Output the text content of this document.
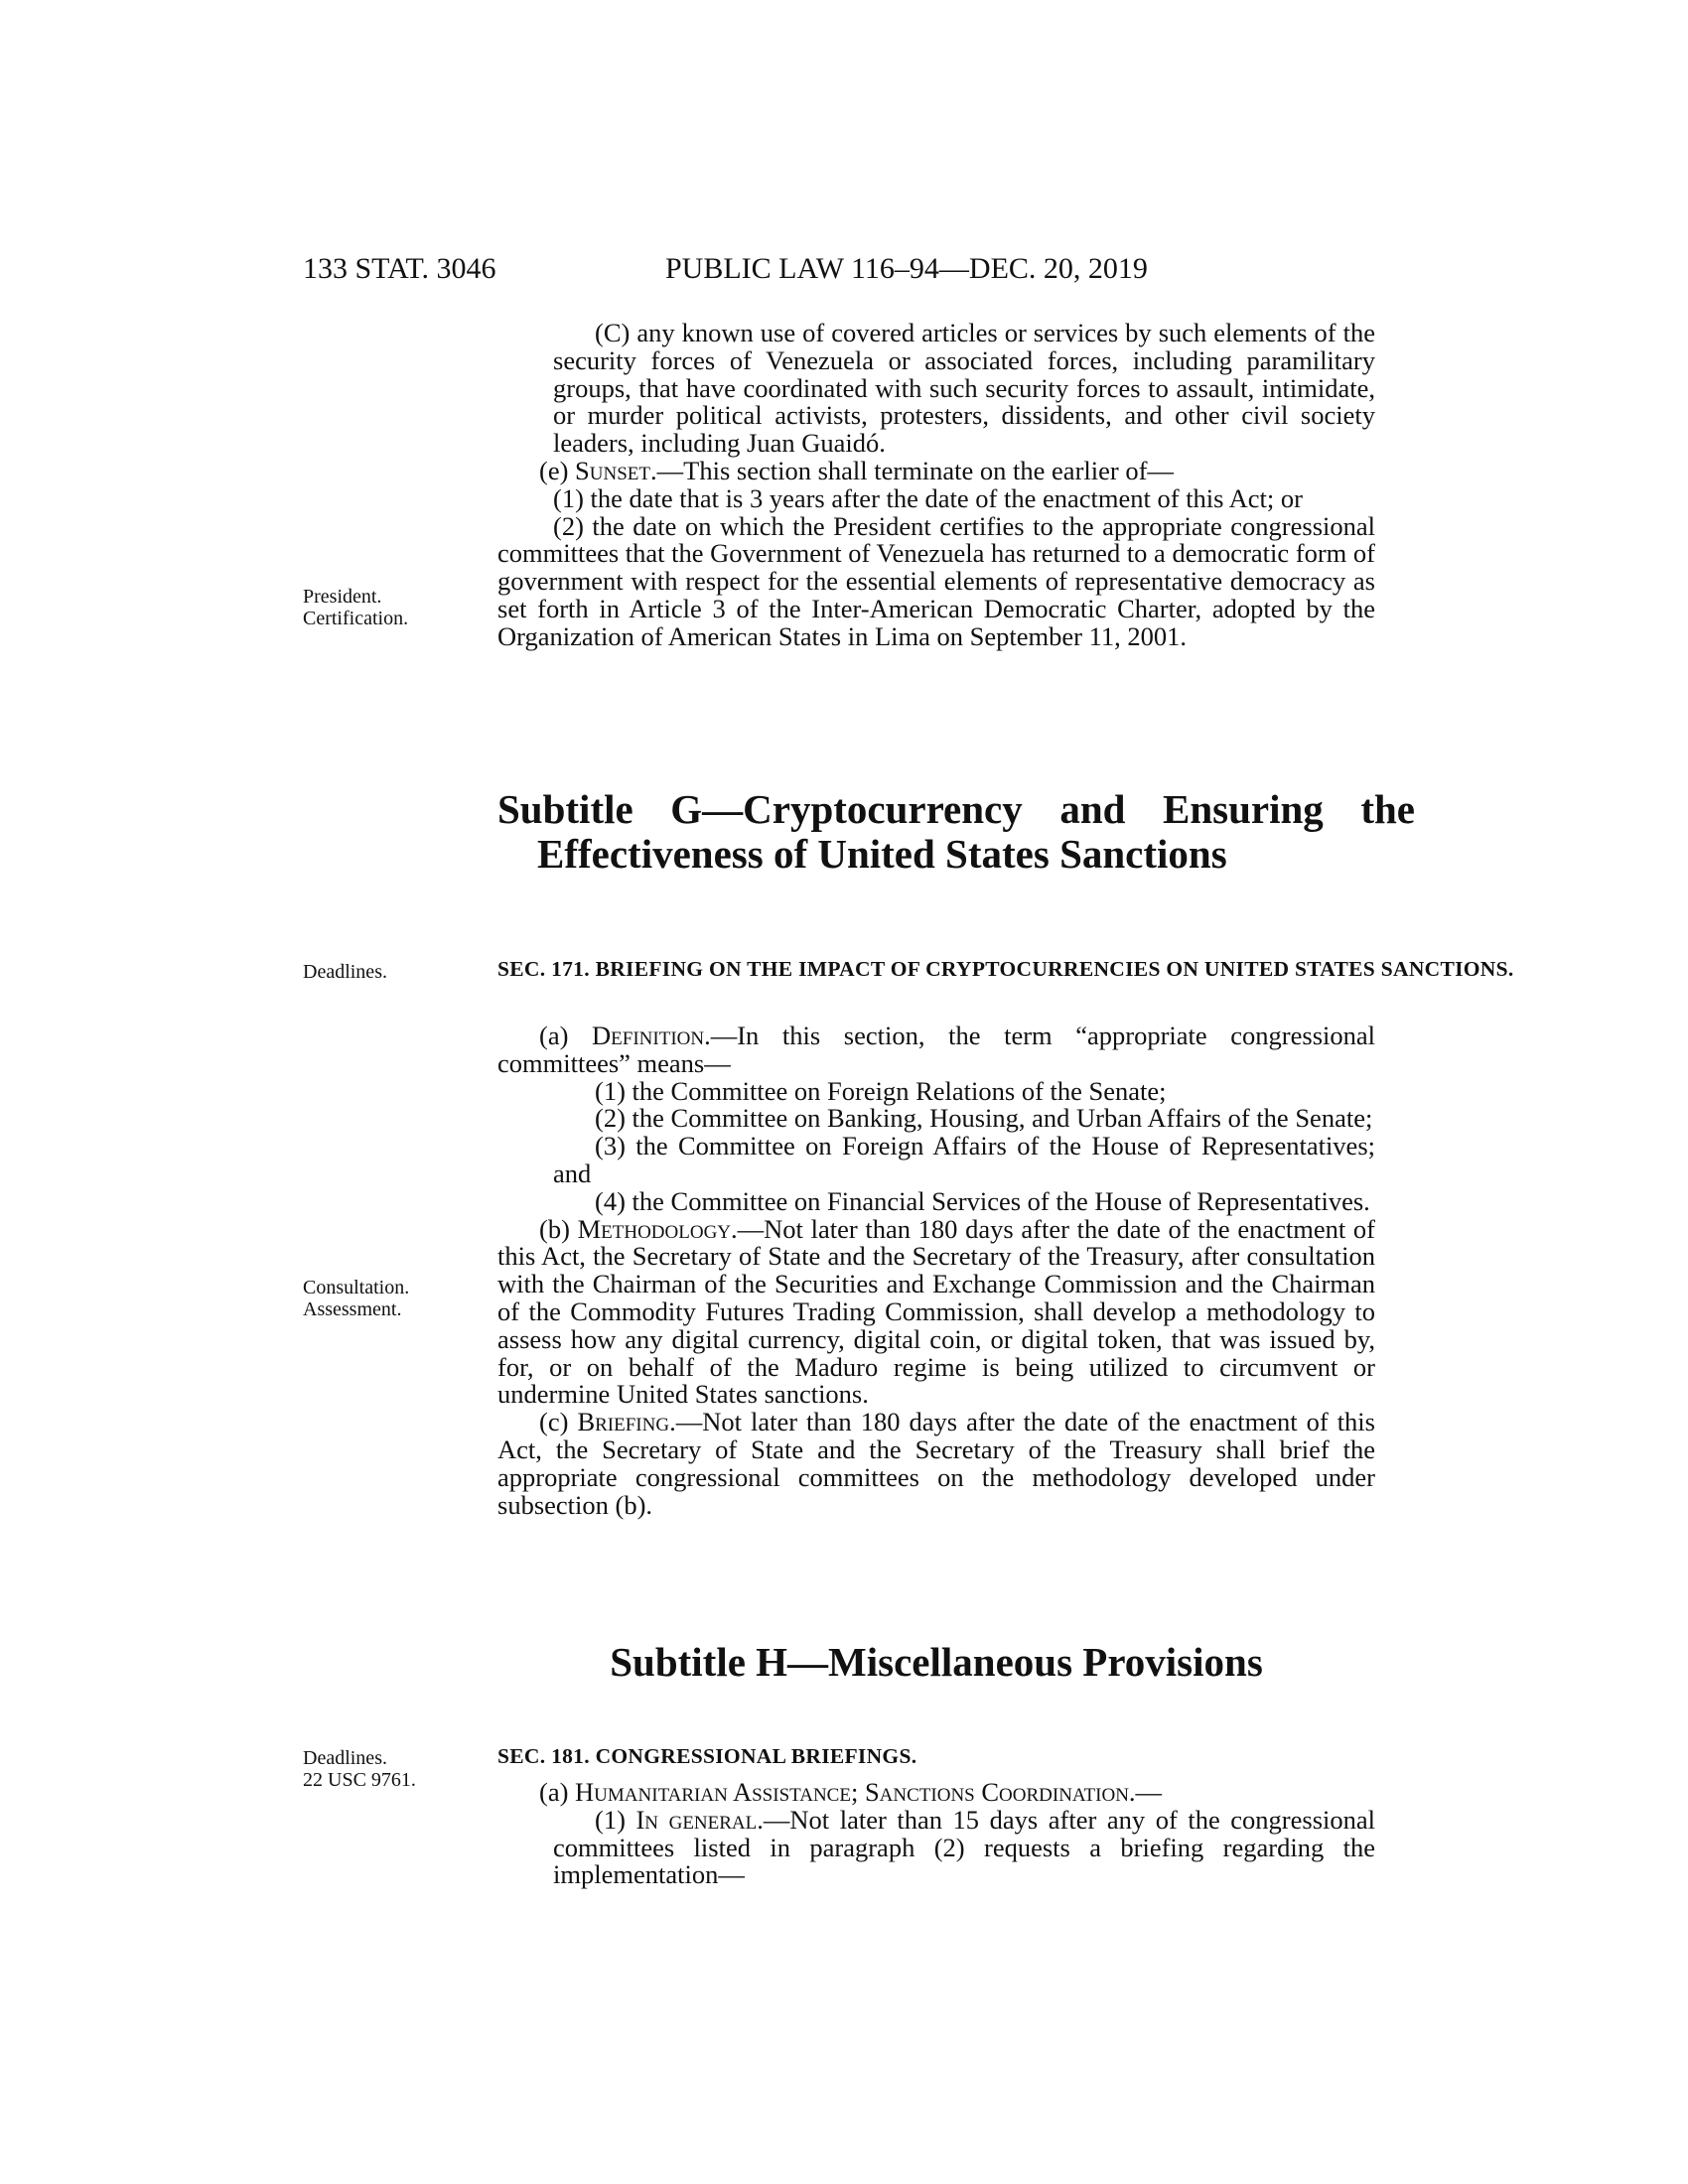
133 STAT. 3046	PUBLIC LAW 116–94—DEC. 20, 2019
President.
Certification.
Deadlines.
Consultation.
Assessment.
Deadlines.
22 USC 9761.

(C) any known use of covered articles or services by such elements of the security forces of Venezuela or associated forces, including paramilitary groups, that have coordinated with such security forces to assault, intimidate, or murder political activists, protesters, dissidents, and other civil society leaders, including Juan Guaidó.

(e) Sunset.—This section shall terminate on the earlier of—

(1) the date that is 3 years after the date of the enactment of this Act; or

(2) the date on which the President certifies to the appropriate congressional committees that the Government of Venezuela has returned to a democratic form of government with respect for the essential elements of representative democracy as set forth in Article 3 of the Inter-American Democratic Charter, adopted by the Organization of American States in Lima on September 11, 2001.

Subtitle G—Cryptocurrency and Ensuring the Effectiveness of United States Sanctions
SEC. 171. BRIEFING ON THE IMPACT OF CRYPTOCURRENCIES ON UNITED STATES SANCTIONS.

(a) Definition.—In this section, the term “appropriate congressional committees” means—

(1) the Committee on Foreign Relations of the Senate;

(2) the Committee on Banking, Housing, and Urban Affairs of the Senate;

(3) the Committee on Foreign Affairs of the House of Representatives; and

(4) the Committee on Financial Services of the House of Representatives.

(b) Methodology.—Not later than 180 days after the date of the enactment of this Act, the Secretary of State and the Secretary of the Treasury, after consultation with the Chairman of the Securities and Exchange Commission and the Chairman of the Commodity Futures Trading Commission, shall develop a methodology to assess how any digital currency, digital coin, or digital token, that was issued by, for, or on behalf of the Maduro regime is being utilized to circumvent or undermine United States sanctions.

(c) Briefing.—Not later than 180 days after the date of the enactment of this Act, the Secretary of State and the Secretary of the Treasury shall brief the appropriate congressional committees on the methodology developed under subsection (b).

Subtitle H—Miscellaneous Provisions
SEC. 181. CONGRESSIONAL BRIEFINGS.

(a) Humanitarian Assistance; Sanctions Coordination.—

(1) In general.—Not later than 15 days after any of the congressional committees listed in paragraph (2) requests a briefing regarding the implementation—
